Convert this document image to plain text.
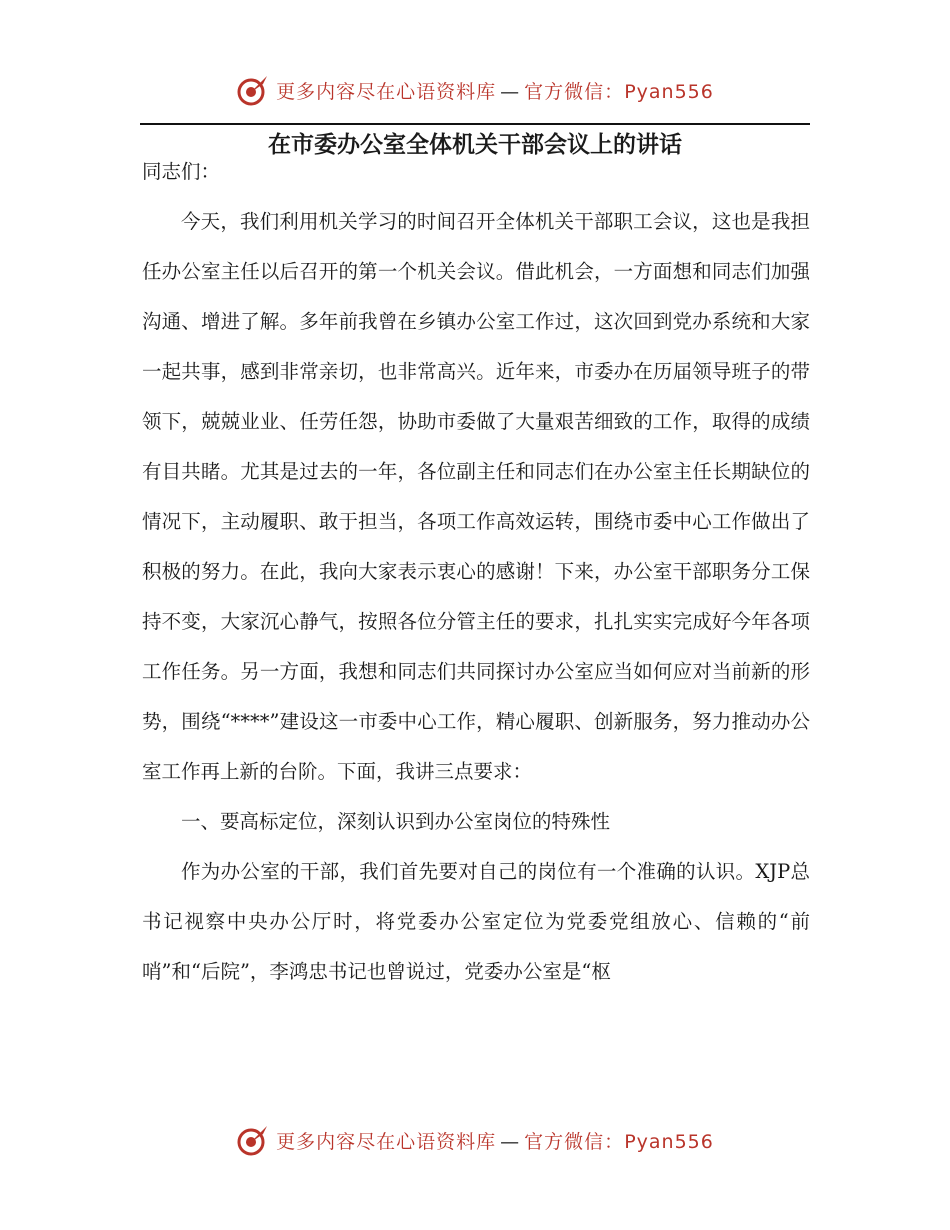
更多内容尽在心语资料库 — 官方微信：Pyan556
在市委办公室全体机关干部会议上的讲话

同志们：

今天，我们利用机关学习的时间召开全体机关干部职工会议，这也是我担任办公室主任以后召开的第一个机关会议。借此机会，一方面想和同志们加强沟通、增进了解。多年前我曾在乡镇办公室工作过，这次回到党办系统和大家一起共事，感到非常亲切，也非常高兴。近年来，市委办在历届领导班子的带领下，兢兢业业、任劳任怨，协助市委做了大量艰苦细致的工作，取得的成绩有目共睹。尤其是过去的一年，各位副主任和同志们在办公室主任长期缺位的情况下，主动履职、敢于担当，各项工作高效运转，围绕市委中心工作做出了积极的努力。在此，我向大家表示衷心的感谢！下来，办公室干部职务分工保持不变，大家沉心静气，按照各位分管主任的要求，扎扎实实完成好今年各项工作任务。另一方面，我想和同志们共同探讨办公室应当如何应对当前新的形势，围绕“****”建设这一市委中心工作，精心履职、创新服务，努力推动办公室工作再上新的台阶。下面，我讲三点要求：

一、要高标定位，深刻认识到办公室岗位的特殊性

作为办公室的干部，我们首先要对自己的岗位有一个准确的认识。XJP总书记视察中央办公厅时，将党委办公室定位为党委党组放心、信赖的“前哨”和“后院”，李鸿忠书记也曾说过，党委办公室是“枢

更多内容尽在心语资料库 — 官方微信：Pyan556
